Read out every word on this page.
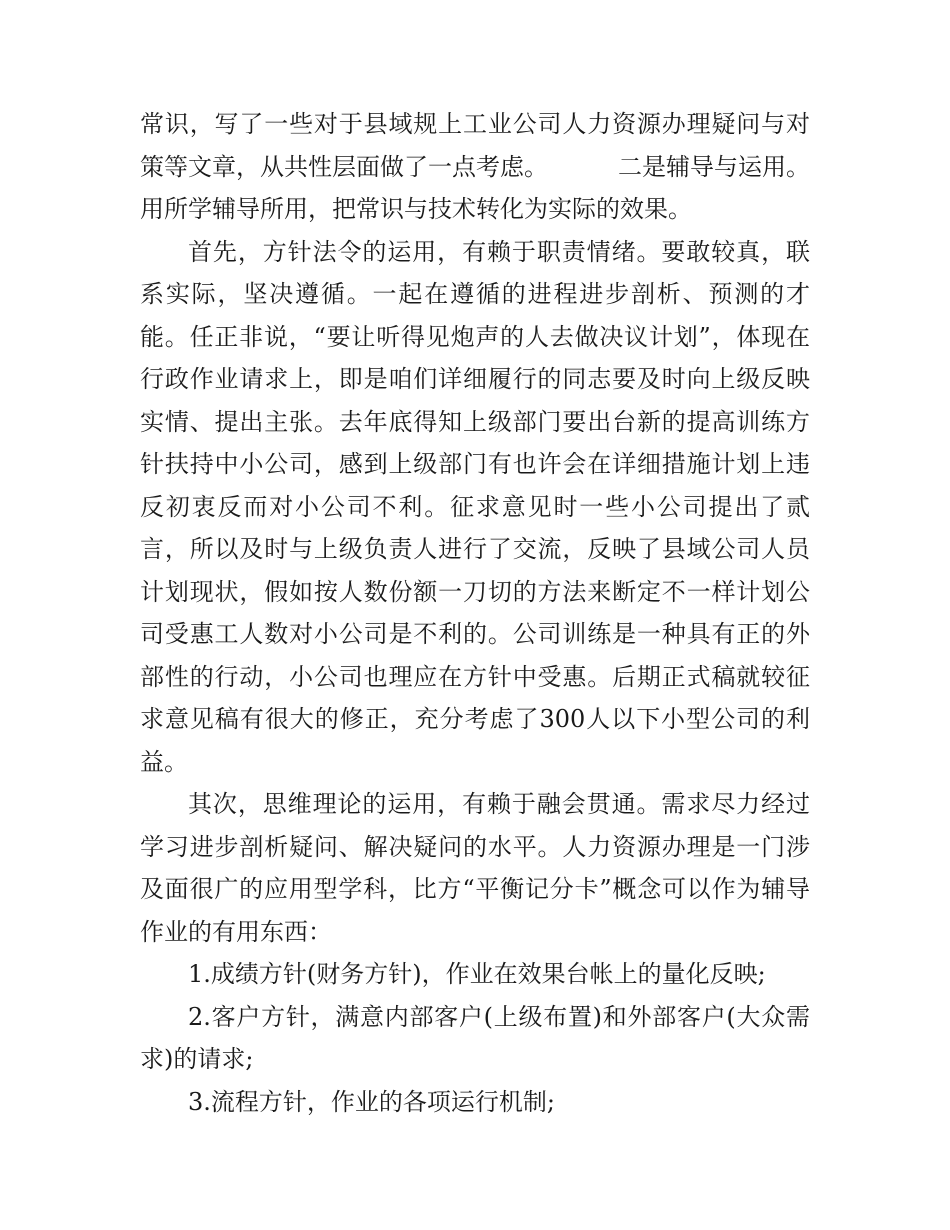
常识，写了一些对于县域规上工业公司人力资源办理疑问与对策等文章，从共性层面做了一点考虑。	二是辅导与运用。用所学辅导所用，把常识与技术转化为实际的效果。

首先，方针法令的运用，有赖于职责情绪。要敢较真，联系实际，坚决遵循。一起在遵循的进程进步剖析、预测的才能。任正非说，“要让听得见炮声的人去做决议计划”，体现在行政作业请求上，即是咱们详细履行的同志要及时向上级反映实情、提出主张。去年底得知上级部门要出台新的提高训练方针扶持中小公司，感到上级部门有也许会在详细措施计划上违反初衷反而对小公司不利。征求意见时一些小公司提出了贰言，所以及时与上级负责人进行了交流，反映了县域公司人员计划现状，假如按人数份额一刀切的方法来断定不一样计划公司受惠工人数对小公司是不利的。公司训练是一种具有正的外部性的行动，小公司也理应在方针中受惠。后期正式稿就较征求意见稿有很大的修正，充分考虑了300人以下小型公司的利益。

其次，思维理论的运用，有赖于融会贯通。需求尽力经过学习进步剖析疑问、解决疑问的水平。人力资源办理是一门涉及面很广的应用型学科，比方“平衡记分卡”概念可以作为辅导作业的有用东西：

1.成绩方针(财务方针)，作业在效果台帐上的量化反映;

2.客户方针，满意内部客户(上级布置)和外部客户(大众需求)的请求;

3.流程方针，作业的各项运行机制;
